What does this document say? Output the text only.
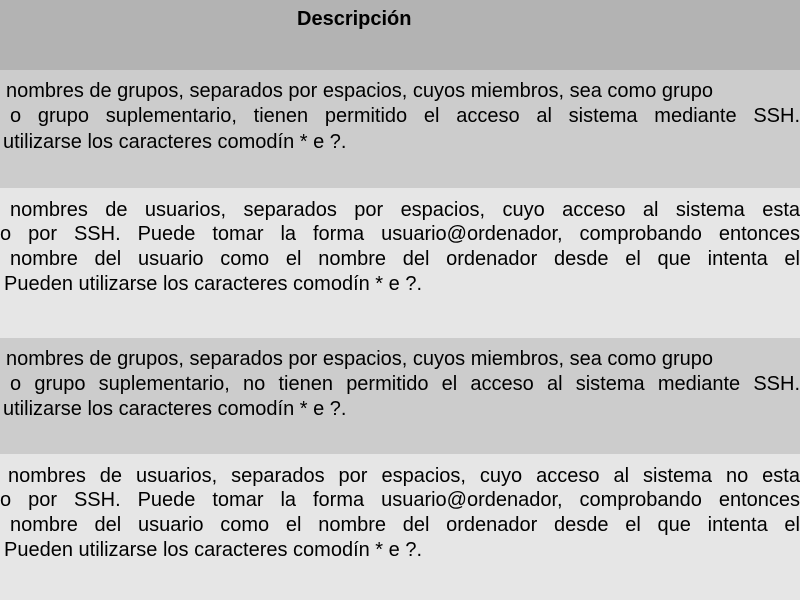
Descripción
nombres de grupos, separados por espacios, cuyos miembros, sea como grupo
o grupo suplementario, tienen permitido el acceso al sistema mediante SSH.
utilizarse los caracteres comodín * e ?.
nombres de usuarios, separados por espacios, cuyo acceso al sistema esta
o por SSH. Puede tomar la forma usuario@ordenador, comprobando entonces
nombre del usuario como el nombre del ordenador desde el que intenta el
Pueden utilizarse los caracteres comodín * e ?.
nombres de grupos, separados por espacios, cuyos miembros, sea como grupo
o grupo suplementario, no tienen permitido el acceso al sistema mediante SSH.
utilizarse los caracteres comodín * e ?.
nombres de usuarios, separados por espacios, cuyo acceso al sistema no esta
o por SSH. Puede tomar la forma usuario@ordenador, comprobando entonces
nombre del usuario como el nombre del ordenador desde el que intenta el
Pueden utilizarse los caracteres comodín * e ?.
